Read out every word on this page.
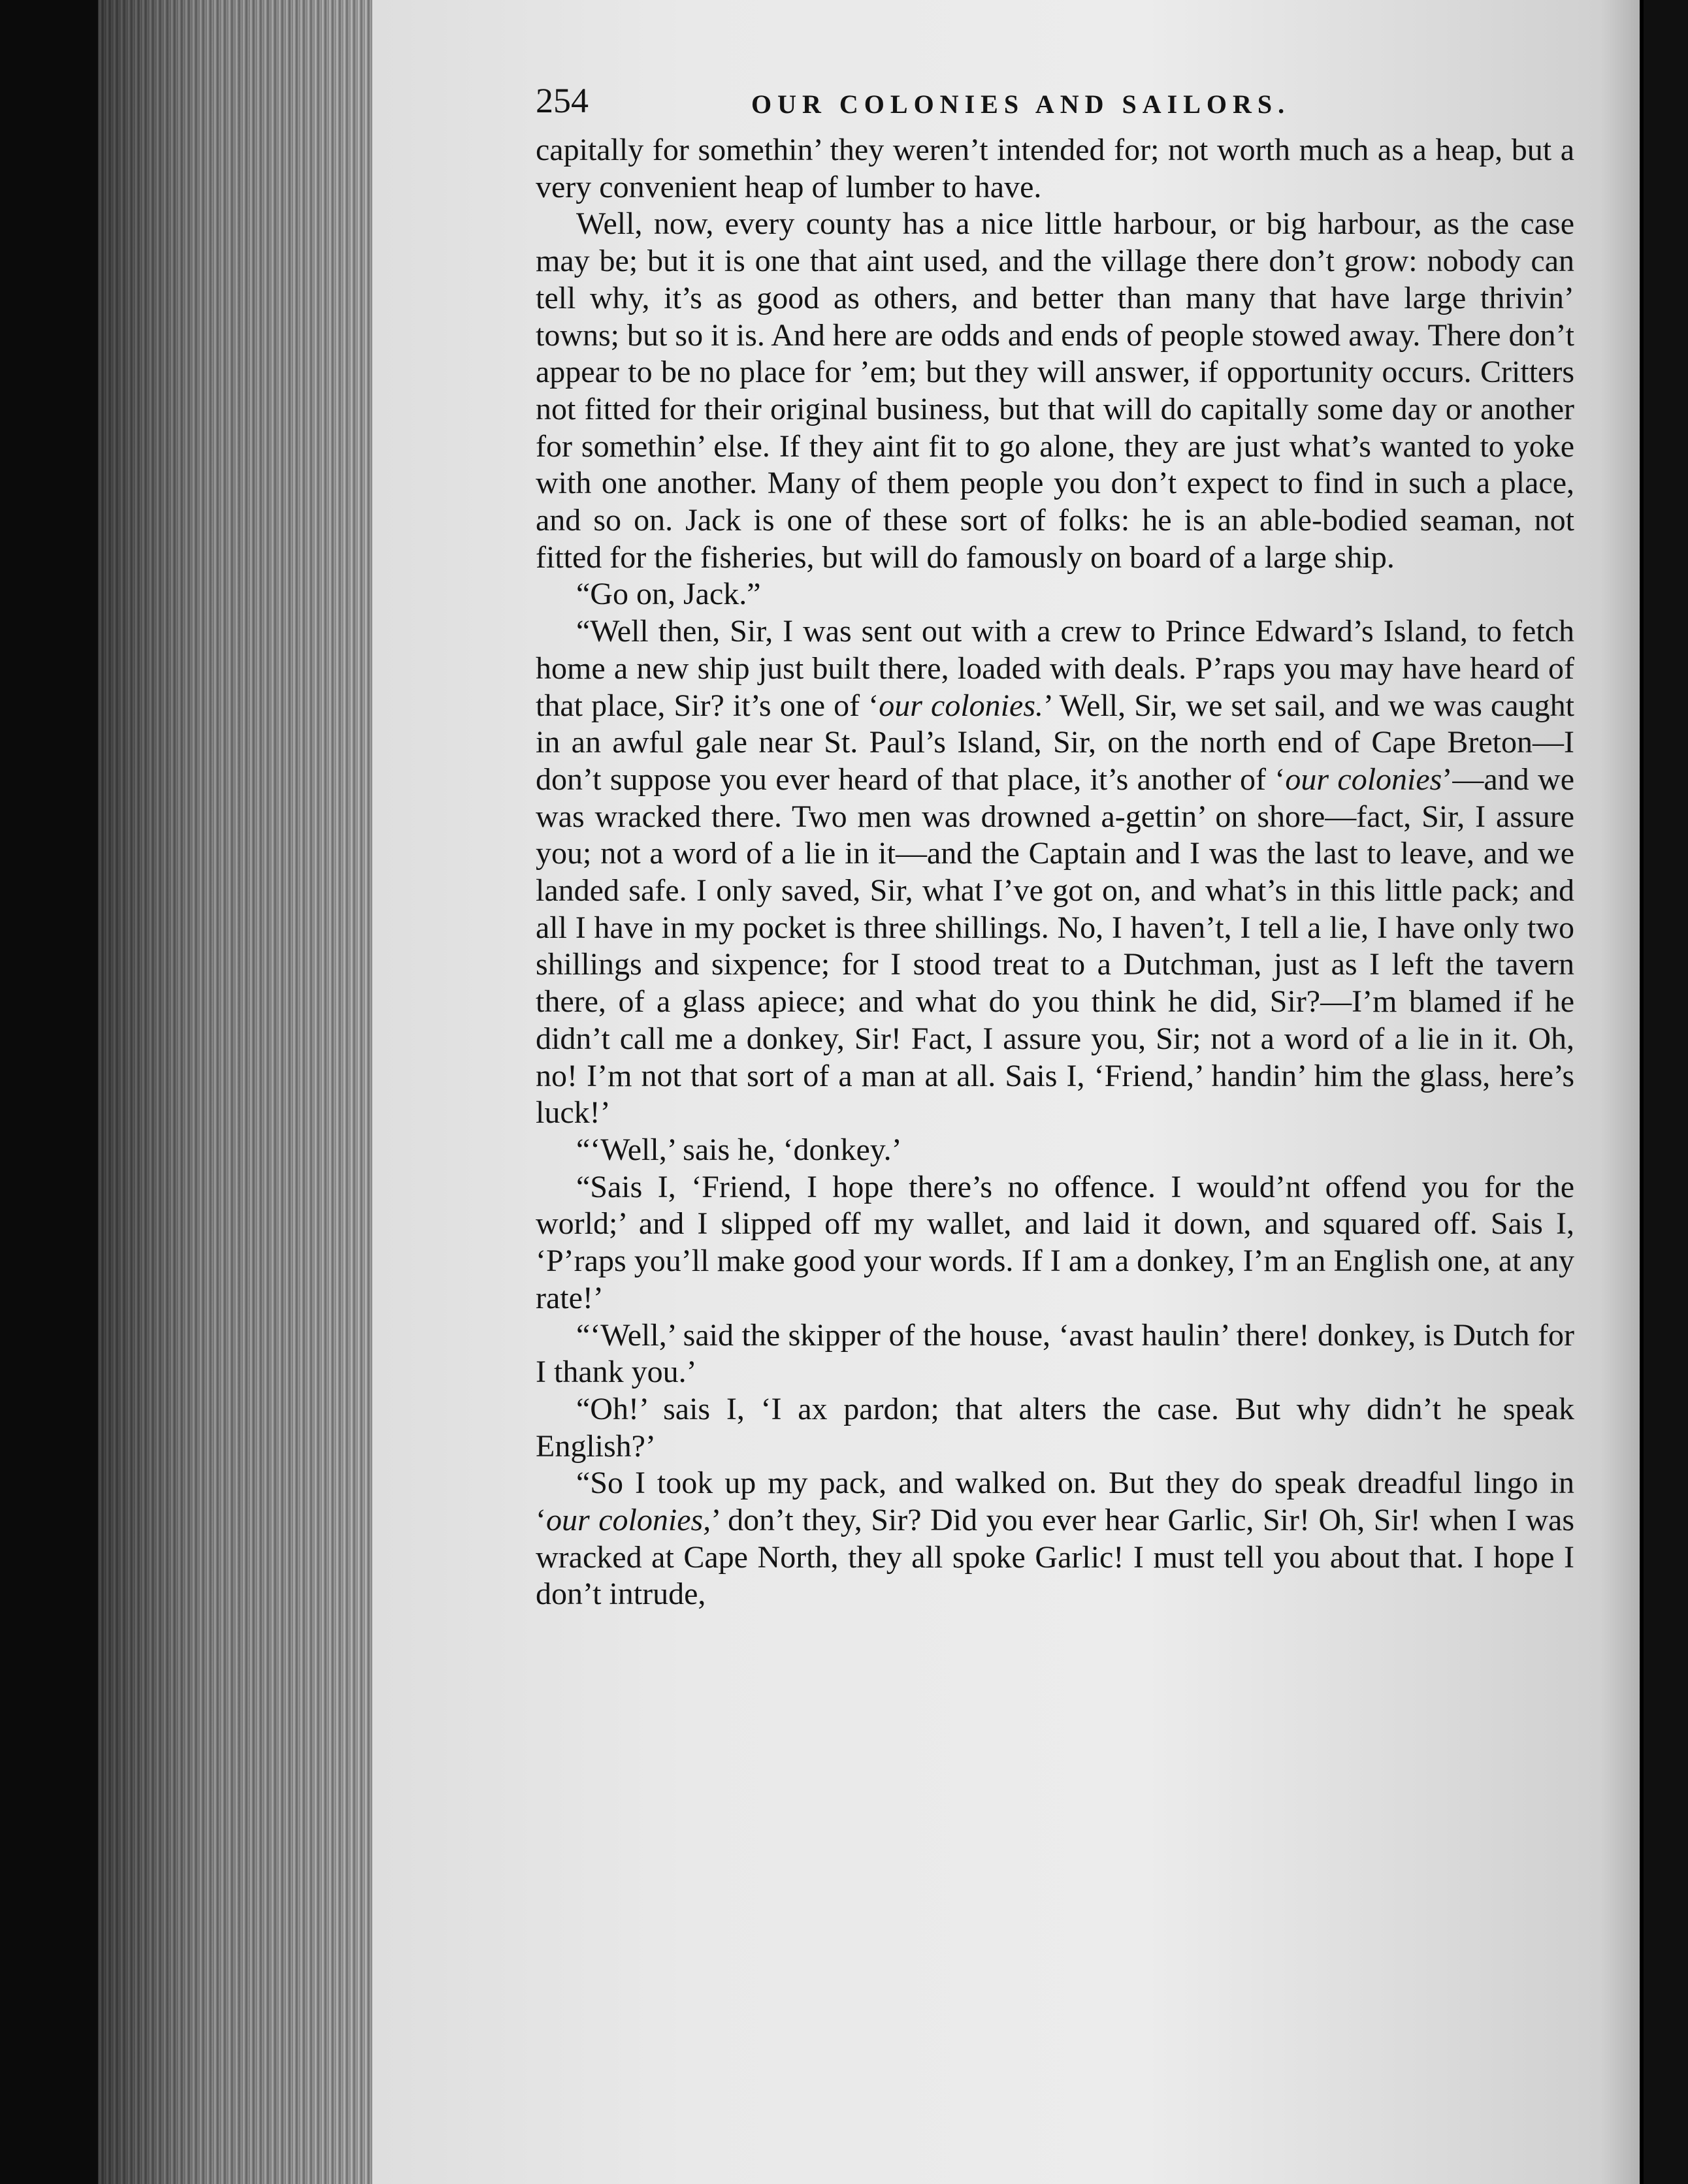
254	OUR COLONIES AND SAILORS.

capitally for somethin’ they weren’t intended for; not worth much as a heap, but a very convenient heap of lumber to have.

Well, now, every county has a nice little harbour, or big harbour, as the case may be; but it is one that aint used, and the village there don’t grow: nobody can tell why, it’s as good as others, and better than many that have large thrivin’ towns; but so it is. And here are odds and ends of people stowed away. There don’t appear to be no place for ’em; but they will answer, if opportunity occurs. Critters not fitted for their original business, but that will do capitally some day or another for somethin’ else. If they aint fit to go alone, they are just what’s wanted to yoke with one another. Many of them people you don’t expect to find in such a place, and so on. Jack is one of these sort of folks: he is an able-bodied seaman, not fitted for the fisheries, but will do famously on board of a large ship.

“Go on, Jack.”

“Well then, Sir, I was sent out with a crew to Prince Edward’s Island, to fetch home a new ship just built there, loaded with deals. P’raps you may have heard of that place, Sir? it’s one of ‘our colonies.’ Well, Sir, we set sail, and we was caught in an awful gale near St. Paul’s Island, Sir, on the north end of Cape Breton—I don’t suppose you ever heard of that place, it’s another of ‘our colonies’—and we was wracked there. Two men was drowned a-gettin’ on shore—fact, Sir, I assure you; not a word of a lie in it—and the Captain and I was the last to leave, and we landed safe. I only saved, Sir, what I’ve got on, and what’s in this little pack; and all I have in my pocket is three shillings. No, I haven’t, I tell a lie, I have only two shillings and sixpence; for I stood treat to a Dutchman, just as I left the tavern there, of a glass apiece; and what do you think he did, Sir?—I’m blamed if he didn’t call me a donkey, Sir! Fact, I assure you, Sir; not a word of a lie in it. Oh, no! I’m not that sort of a man at all. Sais I, ‘Friend,’ handin’ him the glass, here’s luck!’

“‘Well,’ sais he, ‘donkey.’

“Sais I, ‘Friend, I hope there’s no offence. I would’nt offend you for the world;’ and I slipped off my wallet, and laid it down, and squared off. Sais I, ‘P’raps you’ll make good your words. If I am a donkey, I’m an English one, at any rate!’

“‘Well,’ said the skipper of the house, ‘avast haulin’ there! donkey, is Dutch for I thank you.’

“Oh!’ sais I, ‘I ax pardon; that alters the case. But why didn’t he speak English?’

“So I took up my pack, and walked on. But they do speak dreadful lingo in ‘our colonies,’ don’t they, Sir? Did you ever hear Garlic, Sir! Oh, Sir! when I was wracked at Cape North, they all spoke Garlic! I must tell you about that. I hope I don’t intrude,
